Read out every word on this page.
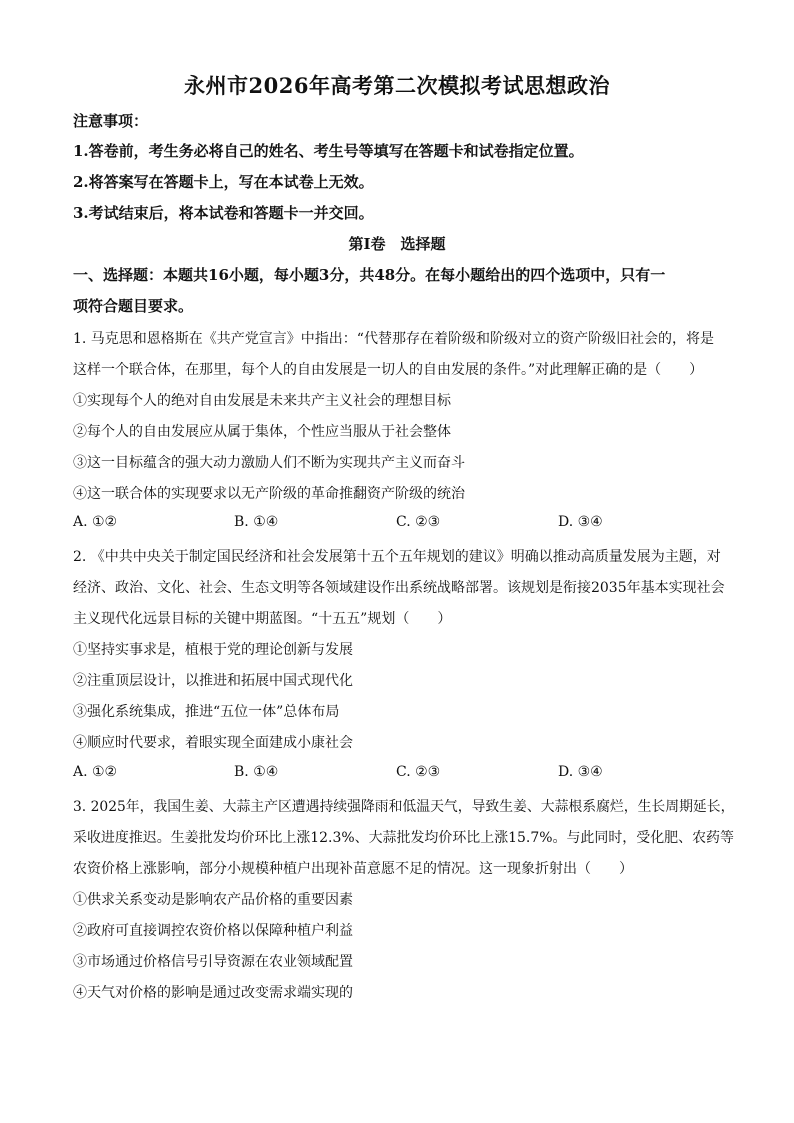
永州市2026年高考第二次模拟考试思想政治
注意事项：
1.答卷前，考生务必将自己的姓名、考生号等填写在答题卡和试卷指定位置。
2.将答案写在答题卡上，写在本试卷上无效。
3.考试结束后，将本试卷和答题卡一并交回。
第Ⅰ卷　选择题
一、选择题：本题共16小题，每小题3分，共48分。在每小题给出的四个选项中，只有一
项符合题目要求。
1. 马克思和恩格斯在《共产党宣言》中指出：“代替那存在着阶级和阶级对立的资产阶级旧社会的，将是
这样一个联合体，在那里，每个人的自由发展是一切人的自由发展的条件。”对此理解正确的是（　　）
①实现每个人的绝对自由发展是未来共产主义社会的理想目标
②每个人的自由发展应从属于集体，个性应当服从于社会整体
③这一目标蕴含的强大动力激励人们不断为实现共产主义而奋斗
④这一联合体的实现要求以无产阶级的革命推翻资产阶级的统治
A. ①②	B. ①④	C. ②③	D. ③④
2. 《中共中央关于制定国民经济和社会发展第十五个五年规划的建议》明确以推动高质量发展为主题，对
经济、政治、文化、社会、生态文明等各领域建设作出系统战略部署。该规划是衔接2035年基本实现社会
主义现代化远景目标的关键中期蓝图。“十五五”规划（　　）
①坚持实事求是，植根于党的理论创新与发展
②注重顶层设计，以推进和拓展中国式现代化
③强化系统集成，推进“五位一体”总体布局
④顺应时代要求，着眼实现全面建成小康社会
A. ①②	B. ①④	C. ②③	D. ③④
3. 2025年，我国生姜、大蒜主产区遭遇持续强降雨和低温天气，导致生姜、大蒜根系腐烂，生长周期延长，
采收进度推迟。生姜批发均价环比上涨12.3%、大蒜批发均价环比上涨15.7%。与此同时，受化肥、农药等
农资价格上涨影响，部分小规模种植户出现补苗意愿不足的情况。这一现象折射出（　　）
①供求关系变动是影响农产品价格的重要因素
②政府可直接调控农资价格以保障种植户利益
③市场通过价格信号引导资源在农业领域配置
④天气对价格的影响是通过改变需求端实现的
